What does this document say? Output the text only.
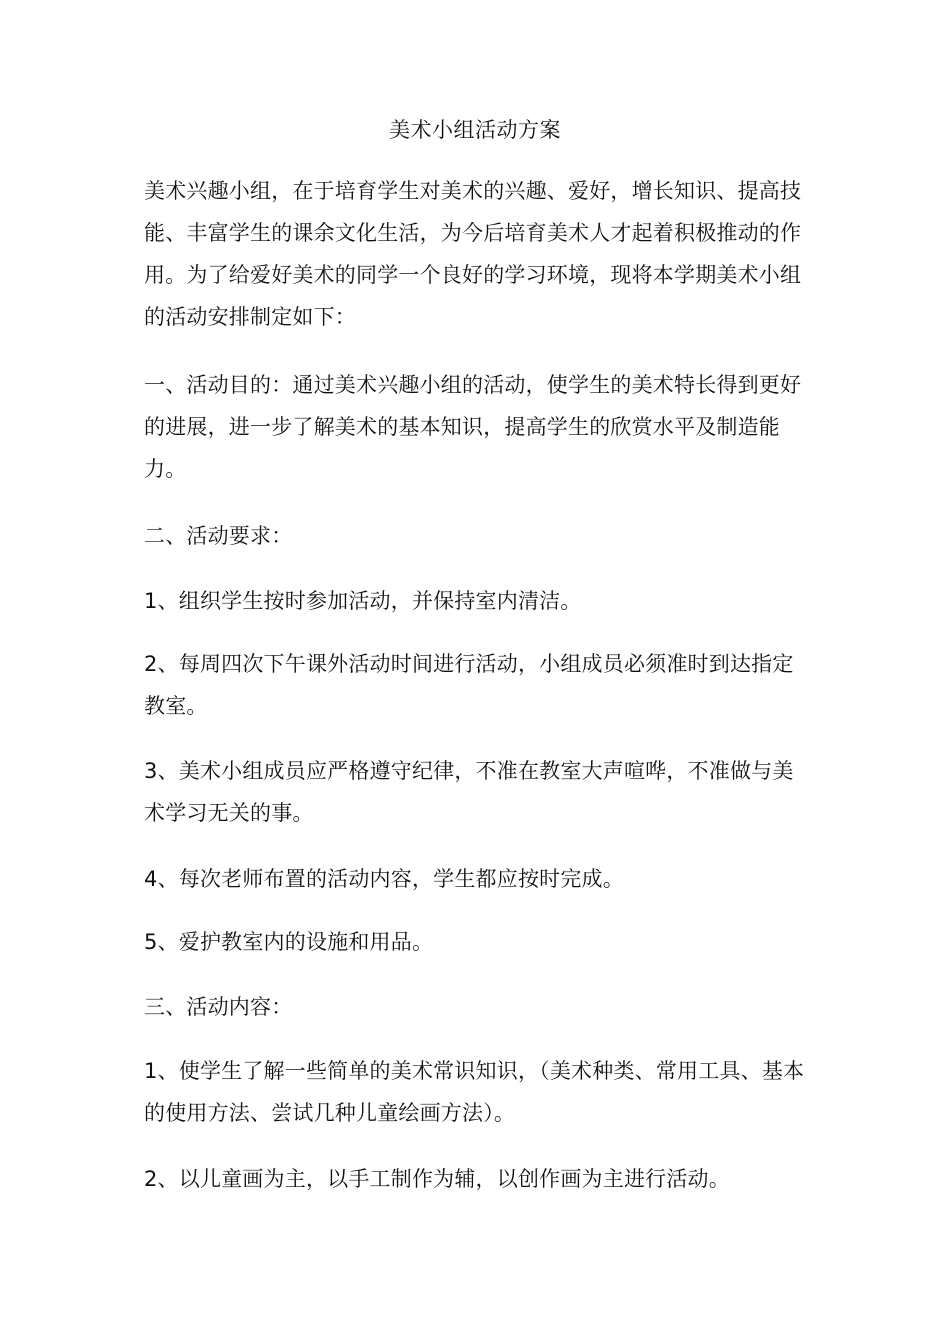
美术小组活动方案
美术兴趣小组，在于培育学生对美术的兴趣、爱好，增长知识、提高技能、丰富学生的课余文化生活，为今后培育美术人才起着积极推动的作用。为了给爱好美术的同学一个良好的学习环境，现将本学期美术小组的活动安排制定如下：
一、活动目的：通过美术兴趣小组的活动，使学生的美术特长得到更好的进展，进一步了解美术的基本知识，提高学生的欣赏水平及制造能力。
二、活动要求：
1、组织学生按时参加活动，并保持室内清洁。
2、每周四次下午课外活动时间进行活动，小组成员必须准时到达指定教室。
3、美术小组成员应严格遵守纪律，不准在教室大声喧哗，不准做与美术学习无关的事。
4、每次老师布置的活动内容，学生都应按时完成。
5、爱护教室内的设施和用品。
三、活动内容：
1、使学生了解一些简单的美术常识知识，（美术种类、常用工具、基本的使用方法、尝试几种儿童绘画方法）。
2、以儿童画为主，以手工制作为辅，以创作画为主进行活动。
